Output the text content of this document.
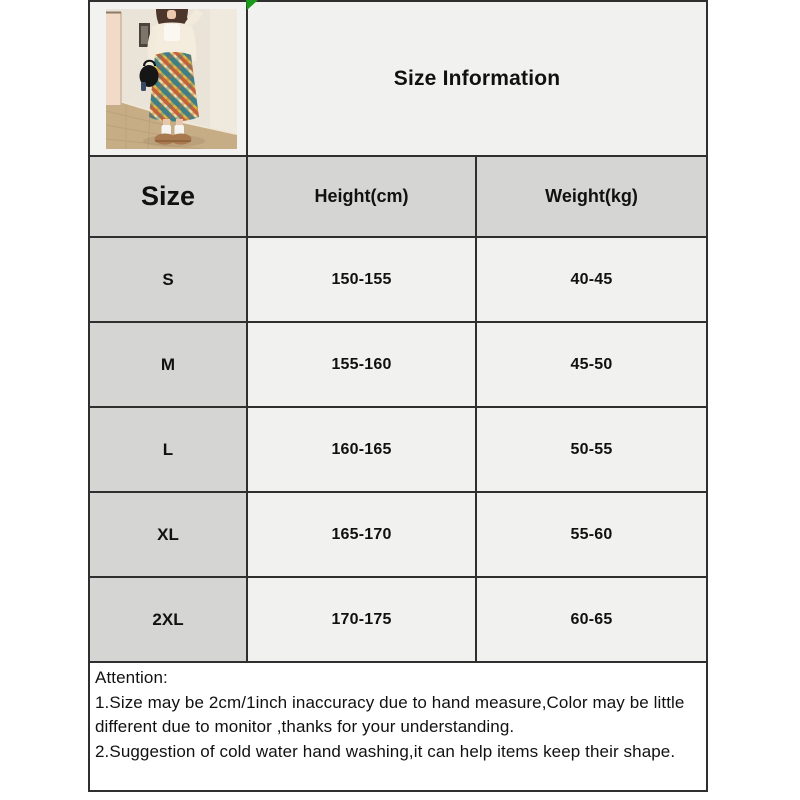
	Size Information	
Size	Height(cm)	Weight(kg)
S	150-155	40-45
M	155-160	45-50
L	160-165	50-55
XL	165-170	55-60
2XL	170-175	60-65

Attention:
1.Size may be 2cm/1inch inaccuracy due to hand measure,Color may be little different due to monitor ,thanks for your understanding.
2.Suggestion of cold water hand washing,it can help items keep their shape.		
